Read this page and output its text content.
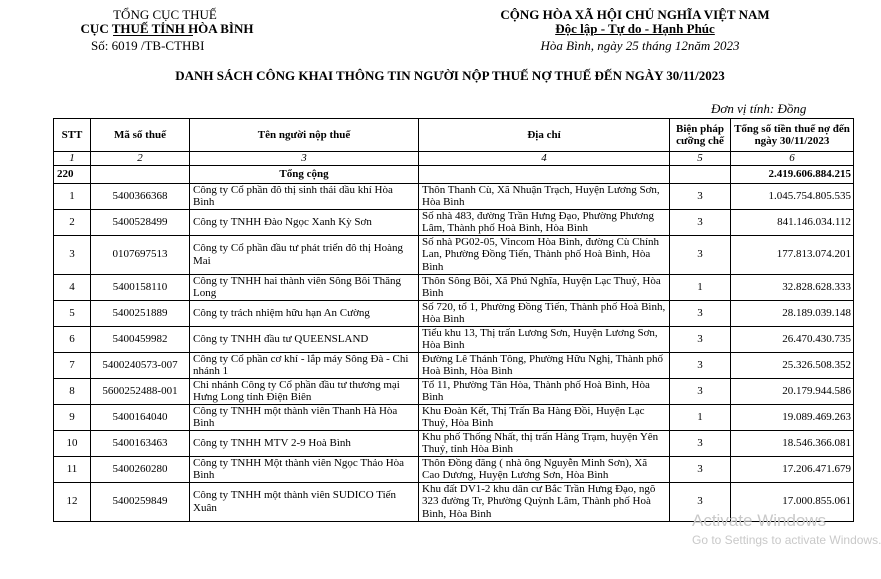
TỔNG CỤC THUẾ
CỤC THUẾ TỈNH HÒA BÌNH
Số: 6019 /TB-CTHBI
CỘNG HÒA XÃ HỘI CHỦ NGHĨA VIỆT NAM
Độc lập - Tự do - Hạnh Phúc
Hòa Bình, ngày 25 tháng 12năm 2023
DANH SÁCH CÔNG KHAI THÔNG TIN NGƯỜI NỘP THUẾ NỢ THUẾ ĐẾN NGÀY 30/11/2023
Đơn vị tính: Đồng
STT	Mã số thuế	Tên người nộp thuế	Địa chỉ	Biện pháp cưỡng chế	Tổng số tiền thuế nợ đến ngày 30/11/2023
1	2	3	4	5	6
220		Tổng cộng			2.419.606.884.215
1	5400366368	Công ty Cổ phần đô thị sinh thái dầu khí Hòa Bình	Thôn Thanh Cù, Xã Nhuận Trạch, Huyện Lương Sơn, Hòa Bình	3	1.045.754.805.535
2	5400528499	Công ty TNHH Đào Ngọc Xanh Kỳ Sơn	Số nhà 483, đường Trần Hưng Đạo, Phường Phương Lâm, Thành phố Hoà Bình, Hòa Bình	3	841.146.034.112
3	0107697513	Công ty Cổ phần đầu tư phát triển đô thị Hoàng Mai	Số nhà PG02-05, Vincom Hòa Bình, đường Cù Chính Lan, Phường Đồng Tiến, Thành phố Hoà Bình, Hòa Bình	3	177.813.074.201
4	5400158110	Công ty TNHH hai thành viên Sông Bôi Thăng Long	Thôn Sông Bôi, Xã Phú Nghĩa, Huyện Lạc Thuỷ, Hòa Bình	1	32.828.628.333
5	5400251889	Công ty trách nhiệm hữu hạn An Cường	Số 720, tổ 1, Phường Đồng Tiến, Thành phố Hoà Bình, Hòa Bình	3	28.189.039.148
6	5400459982	Công ty TNHH đầu tư QUEENSLAND	Tiểu khu 13, Thị trấn Lương Sơn, Huyện Lương Sơn, Hòa Bình	3	26.470.430.735
7	5400240573-007	Công ty Cổ phần cơ khí - lắp máy Sông Đà - Chi nhánh 1	Đường Lê Thánh Tông, Phường Hữu Nghị, Thành phố Hoà Bình, Hòa Bình	3	25.326.508.352
8	5600252488-001	Chi nhánh Công ty Cổ phần đầu tư thương mại Hưng Long tỉnh Điện Biên	Tổ 11, Phường Tân Hòa, Thành phố Hoà Bình, Hòa Bình	3	20.179.944.586
9	5400164040	Công ty TNHH một thành viên Thanh Hà Hòa Bình	Khu Đoàn Kết, Thị Trấn Ba Hàng Đồi, Huyện Lạc Thuỷ, Hòa Bình	1	19.089.469.263
10	5400163463	Công ty TNHH MTV 2-9 Hoà Bình	Khu phố Thống Nhất, thị trấn Hàng Trạm, huyện Yên Thuỷ, tỉnh Hòa Bình	3	18.546.366.081
11	5400260280	Công ty TNHH Một thành viên Ngọc Thảo Hòa Bình	Thôn Đồng đăng ( nhà ông Nguyễn Minh Sơn), Xã Cao Dương, Huyện Lương Sơn, Hòa Bình	3	17.206.471.679
12	5400259849	Công ty TNHH một thành viên SUDICO Tiến Xuân	Khu đất DV1-2 khu dân cư Bắc Trần Hưng Đạo, ngõ 323 đường Tr, Phường Quỳnh Lâm, Thành phố Hoà Bình, Hòa Bình	3	17.000.855.061
Activate Windows
Go to Settings to activate Windows.
